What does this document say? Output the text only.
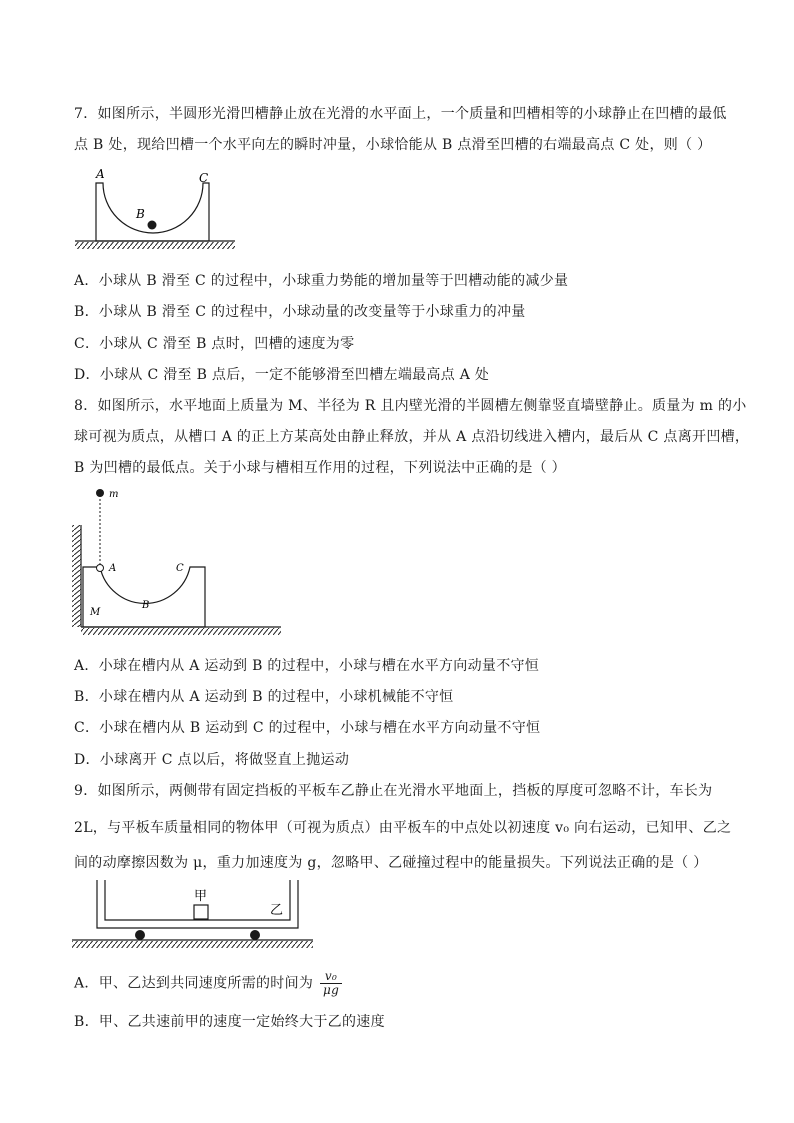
7．如图所示，半圆形光滑凹槽静止放在光滑的水平面上，一个质量和凹槽相等的小球静止在凹槽的最低
点 B 处，现给凹槽一个水平向左的瞬时冲量，小球恰能从 B 点滑至凹槽的右端最高点 C 处，则（ ）
A	C
B
A．小球从 B 滑至 C 的过程中，小球重力势能的增加量等于凹槽动能的减少量
B．小球从 B 滑至 C 的过程中，小球动量的改变量等于小球重力的冲量
C．小球从 C 滑至 B 点时，凹槽的速度为零
D．小球从 C 滑至 B 点后，一定不能够滑至凹槽左端最高点 A 处
8．如图所示，水平地面上质量为 M、半径为 R 且内壁光滑的半圆槽左侧靠竖直墙壁静止。质量为 m 的小
球可视为质点，从槽口 A 的正上方某高处由静止释放，并从 A 点沿切线进入槽内，最后从 C 点离开凹槽，
B 为凹槽的最低点。关于小球与槽相互作用的过程，下列说法中正确的是（ ）
m
A	C
B
M
A．小球在槽内从 A 运动到 B 的过程中，小球与槽在水平方向动量不守恒
B．小球在槽内从 A 运动到 B 的过程中，小球机械能不守恒
C．小球在槽内从 B 运动到 C 的过程中，小球与槽在水平方向动量不守恒
D．小球离开 C 点以后，将做竖直上抛运动
9．如图所示，两侧带有固定挡板的平板车乙静止在光滑水平地面上，挡板的厚度可忽略不计，车长为
2L，与平板车质量相同的物体甲（可视为质点）由平板车的中点处以初速度 v₀ 向右运动，已知甲、乙之
间的动摩擦因数为 μ，重力加速度为 g，忽略甲、乙碰撞过程中的能量损失。下列说法正确的是（ ）
甲
乙
A．甲、乙达到共同速度所需的时间为 $\frac{\text{v₀}}{\mu g}$
B．甲、乙共速前甲的速度一定始终大于乙的速度
